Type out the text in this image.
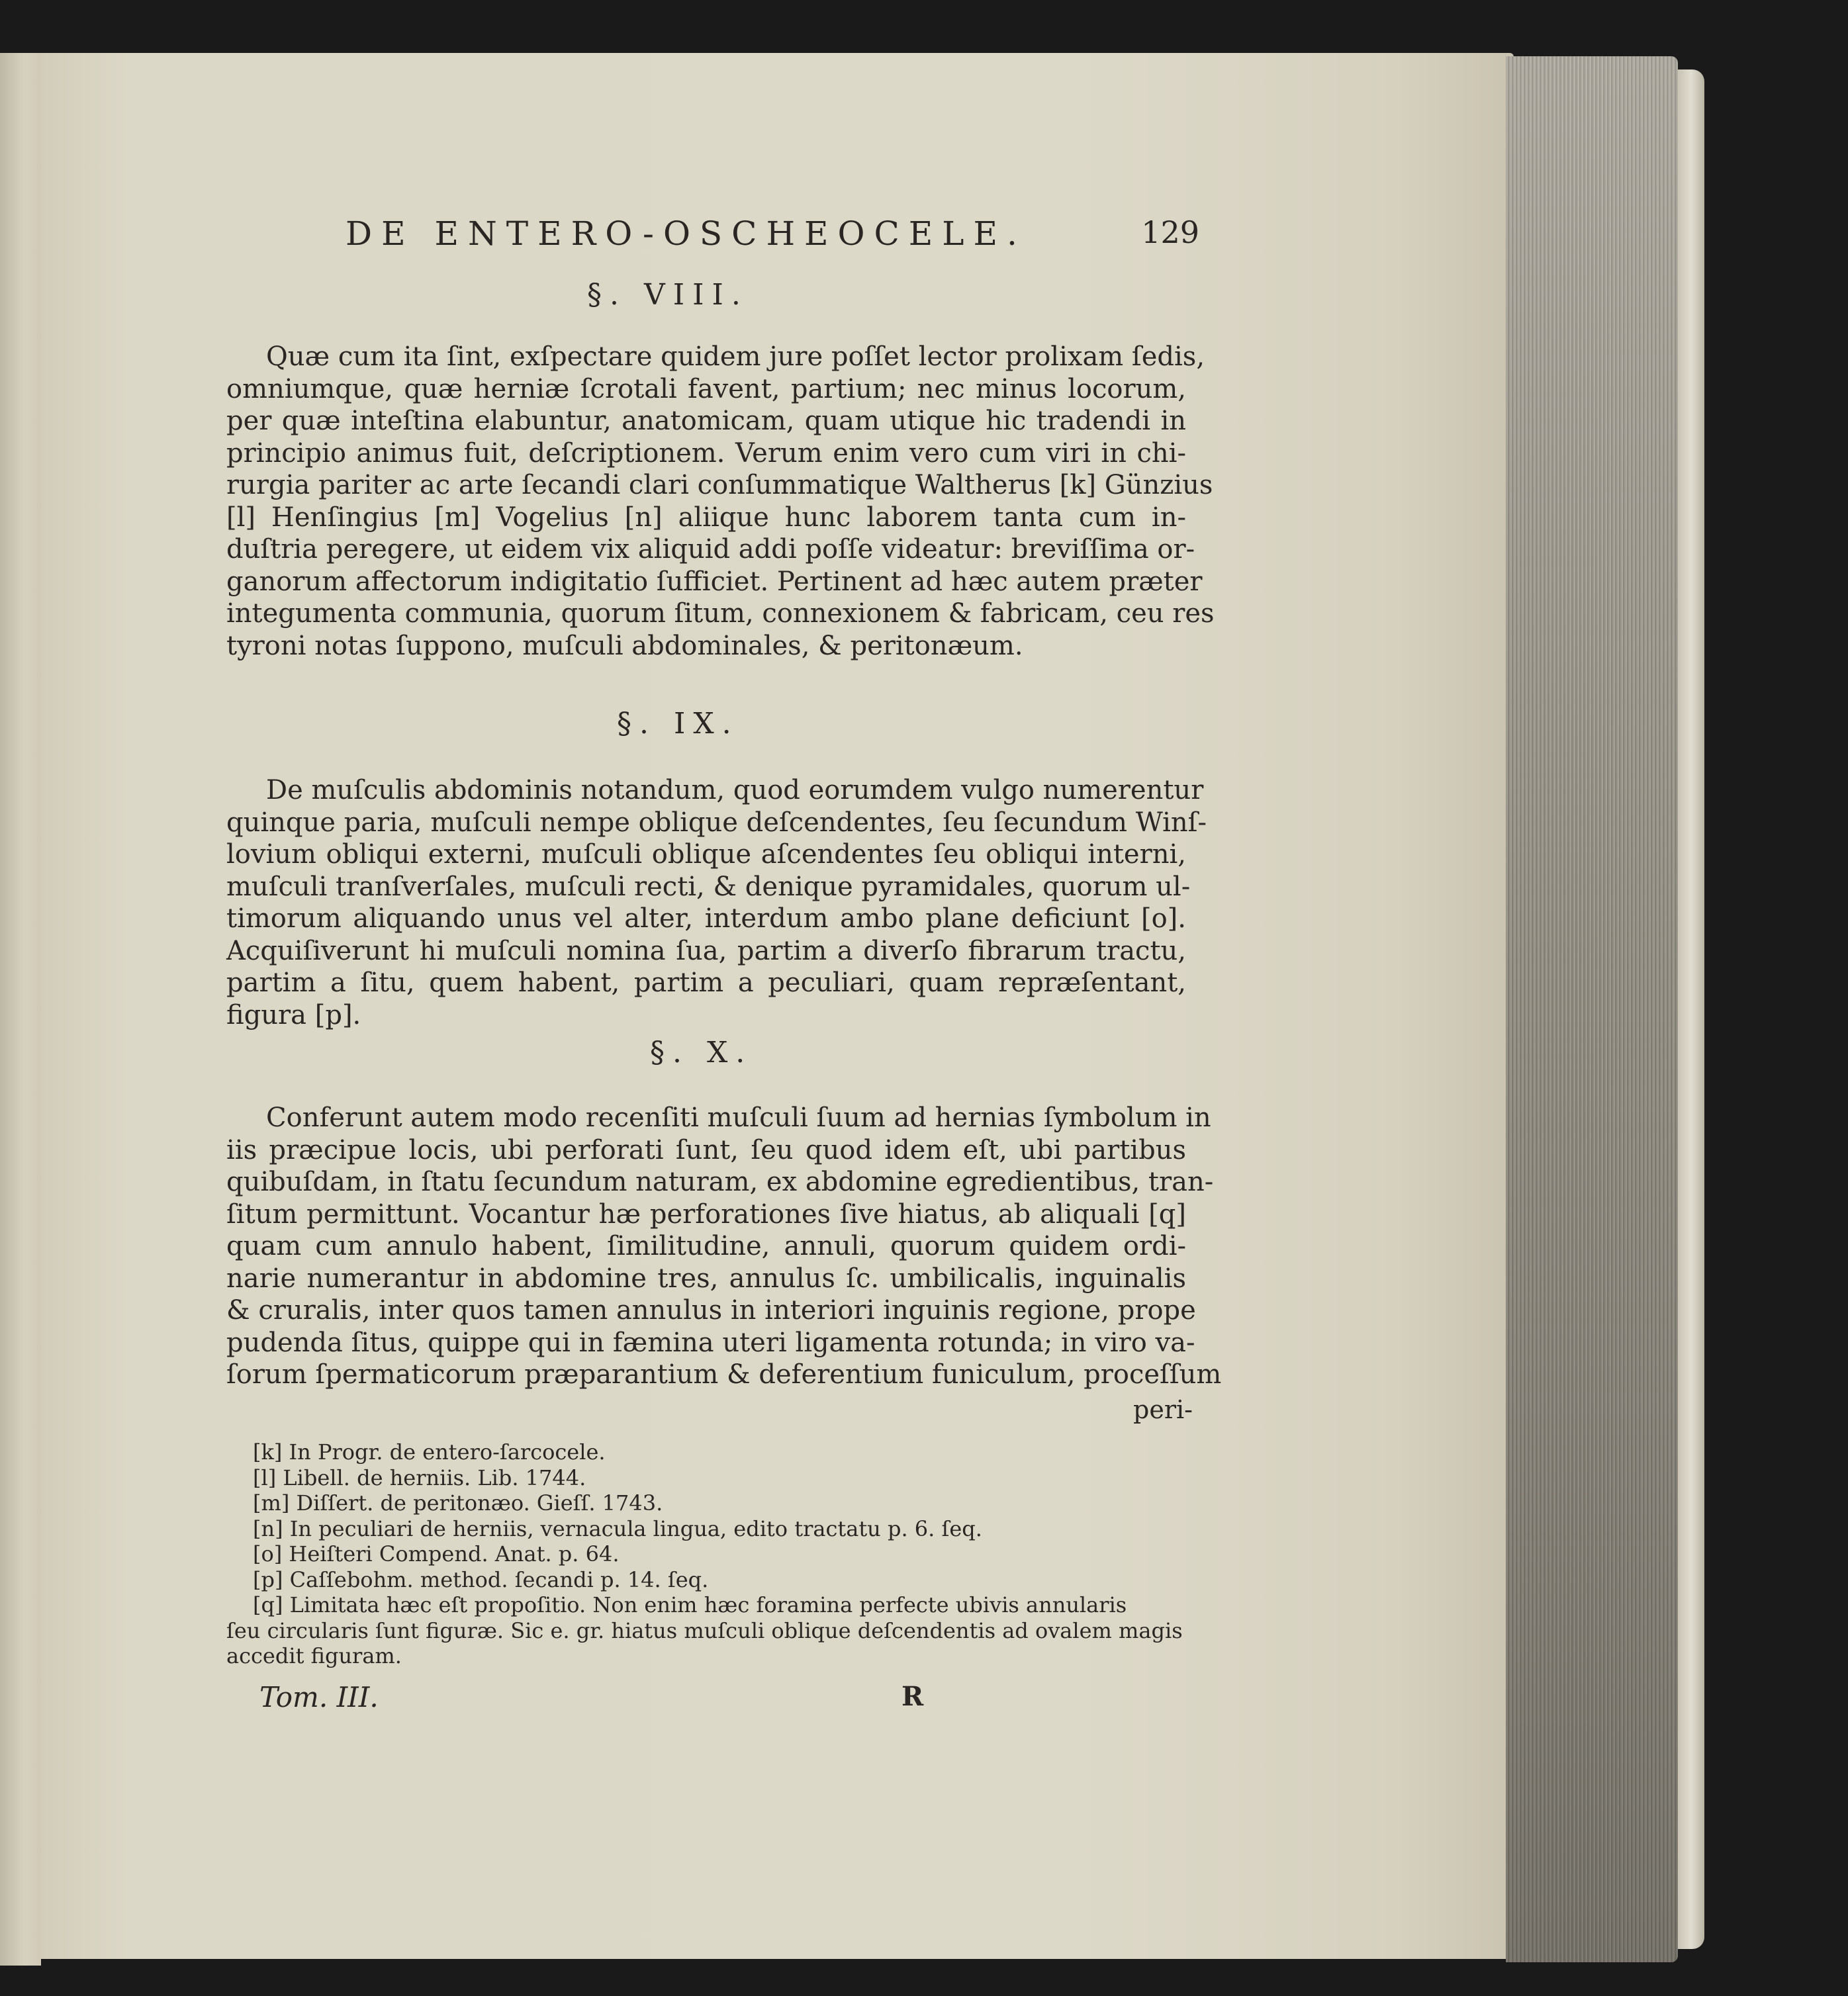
DE ENTERO-OSCHEOCELE.	129
§. VIII.
Quæ cum ita ſint, exſpectare quidem jure poſſet lector prolixam ſedis,
omniumque, quæ herniæ ſcrotali favent, partium; nec minus locorum,
per quæ inteſtina elabuntur, anatomicam, quam utique hic tradendi in
principio animus fuit, deſcriptionem. Verum enim vero cum viri in chi-
rurgia pariter ac arte ſecandi clari conſummatique Waltherus [k] Günzius
[l] Henſingius [m] Vogelius [n] aliique hunc laborem tanta cum in-
duſtria peregere, ut eidem vix aliquid addi poſſe videatur: breviſſima or-
ganorum affectorum indigitatio ſufficiet. Pertinent ad hæc autem præter
integumenta communia, quorum ſitum, connexionem & fabricam, ceu res
tyroni notas ſuppono, muſculi abdominales, & peritonæum.
§. IX.
De muſculis abdominis notandum, quod eorumdem vulgo numerentur
quinque paria, muſculi nempe oblique deſcendentes, ſeu ſecundum Winſ-
lovium obliqui externi, muſculi oblique aſcendentes ſeu obliqui interni,
muſculi tranſverſales, muſculi recti, & denique pyramidales, quorum ul-
timorum aliquando unus vel alter, interdum ambo plane deficiunt [o].
Acquiſiverunt hi muſculi nomina ſua, partim a diverſo fibrarum tractu,
partim a ſitu, quem habent, partim a peculiari, quam repræſentant,
figura [p].
§. X.
Conferunt autem modo recenſiti muſculi ſuum ad hernias ſymbolum in
iis præcipue locis, ubi perforati ſunt, ſeu quod idem eſt, ubi partibus
quibuſdam, in ſtatu ſecundum naturam, ex abdomine egredientibus, tran-
ſitum permittunt. Vocantur hæ perforationes ſive hiatus, ab aliquali [q]
quam cum annulo habent, ſimilitudine, annuli, quorum quidem ordi-
narie numerantur in abdomine tres, annulus ſc. umbilicalis, inguinalis
& cruralis, inter quos tamen annulus in interiori inguinis regione, prope
pudenda ſitus, quippe qui in fæmina uteri ligamenta rotunda; in viro va-
ſorum ſpermaticorum præparantium & deferentium funiculum, proceſſum
peri-
[k] In Progr. de entero-ſarcocele.
[l] Libell. de herniis. Lib. 1744.
[m] Diſſert. de peritonæo. Gieſſ. 1743.
[n] In peculiari de herniis, vernacula lingua, edito tractatu p. 6. ſeq.
[o] Heiſteri Compend. Anat. p. 64.
[p] Caſſebohm. method. ſecandi p. 14. ſeq.
[q] Limitata hæc eſt propoſitio. Non enim hæc foramina perfecte ubivis annularis
ſeu circularis ſunt figuræ. Sic e. gr. hiatus muſculi oblique deſcendentis ad ovalem magis
accedit figuram.
Tom. III.	R
